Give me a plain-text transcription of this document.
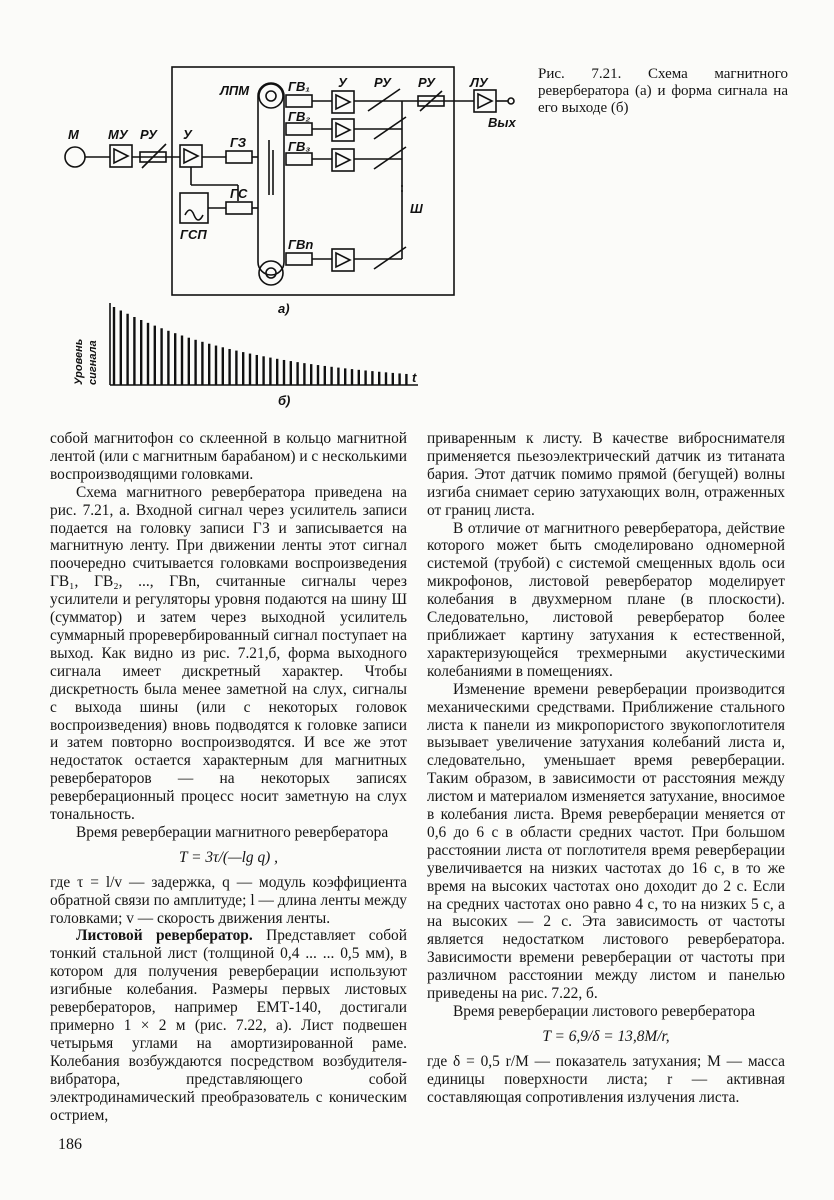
М МУ РУ У
ГЗ
ГС
ГСП
ЛПМ	ГВ₁
ГВ₂
ГВ₃
ГВn
У РУ РУ	ЛУ
Вых
Ш
а)
б)
t
Уровень сигнала
Рис. 7.21. Схема магнитного ревербератора (а) и форма сигнала на его выходе (б)

собой магнитофон со склеенной в кольцо магнитной лентой (или с магнитным барабаном) и с несколькими воспроизводящими головками.

Схема магнитного ревербератора приведена на рис. 7.21, а. Входной сигнал через усилитель записи подается на головку записи ГЗ и записывается на магнитную ленту. При движении ленты этот сигнал поочередно считывается головками воспроизведения ГВ₁, ГВ₂, ..., ГВn, считанные сигналы через усилители и регуляторы уровня подаются на шину Ш (сумматор) и затем через выходной усилитель суммарный проревербированный сигнал поступает на выход. Как видно из рис. 7.21,б, форма выходного сигнала имеет дискретный характер. Чтобы дискретность была менее заметной на слух, сигналы с выхода шины (или с некоторых головок воспроизведения) вновь подводятся к головке записи и затем повторно воспроизводятся. И все же этот недостаток остается характерным для магнитных ревербераторов — на некоторых записях реверберационный процесс носит заметную на слух тональность.

Время реверберации магнитного ревербератора

T = 3τ/(—lg q) ,

где τ = l/v — задержка, q — модуль коэффициента обратной связи по амплитуде; l — длина ленты между головками; v — скорость движения ленты.

Листовой ревербератор. Представляет собой тонкий стальной лист (толщиной 0,4 ... ... 0,5 мм), в котором для получения реверберации используют изгибные колебания. Размеры первых листовых ревербераторов, например ЕМТ-140, достигали примерно 1 × 2 м (рис. 7.22, а). Лист подвешен четырьмя углами на амортизированной раме. Колебания возбуждаются посредством возбудителя-вибратора, представляющего собой электродинамический преобразователь с коническим острием,

приваренным к листу. В качестве виброснимателя применяется пьезоэлектрический датчик из титаната бария. Этот датчик помимо прямой (бегущей) волны изгиба снимает серию затухающих волн, отраженных от границ листа.

В отличие от магнитного ревербератора, действие которого может быть смоделировано одномерной системой (трубой) с системой смещенных вдоль оси микрофонов, листовой ревербератор моделирует колебания в двухмерном плане (в плоскости). Следовательно, листовой ревербератор более приближает картину затухания к естественной, характеризующейся трехмерными акустическими колебаниями в помещениях.

Изменение времени реверберации производится механическими средствами. Приближение стального листа к панели из микропористого звукопоглотителя вызывает увеличение затухания колебаний листа и, следовательно, уменьшает время реверберации. Таким образом, в зависимости от расстояния между листом и материалом изменяется затухание, вносимое в колебания листа. Время реверберации меняется от 0,6 до 6 с в области средних частот. При большом расстоянии листа от поглотителя время реверберации увеличивается на низких частотах до 16 с, в то же время на высоких частотах оно доходит до 2 с. Если на средних частотах оно равно 4 с, то на низких 5 с, а на высоких — 2 с. Эта зависимость от частоты является недостатком листового ревербератора. Зависимости времени реверберации от частоты при различном расстоянии между листом и панелью приведены на рис. 7.22, б.

Время реверберации листового ревербератора

T = 6,9/δ = 13,8M/r,

где δ = 0,5 r/M — показатель затухания; M — масса единицы поверхности листа; r — активная составляющая сопротивления излучения листа.

186
